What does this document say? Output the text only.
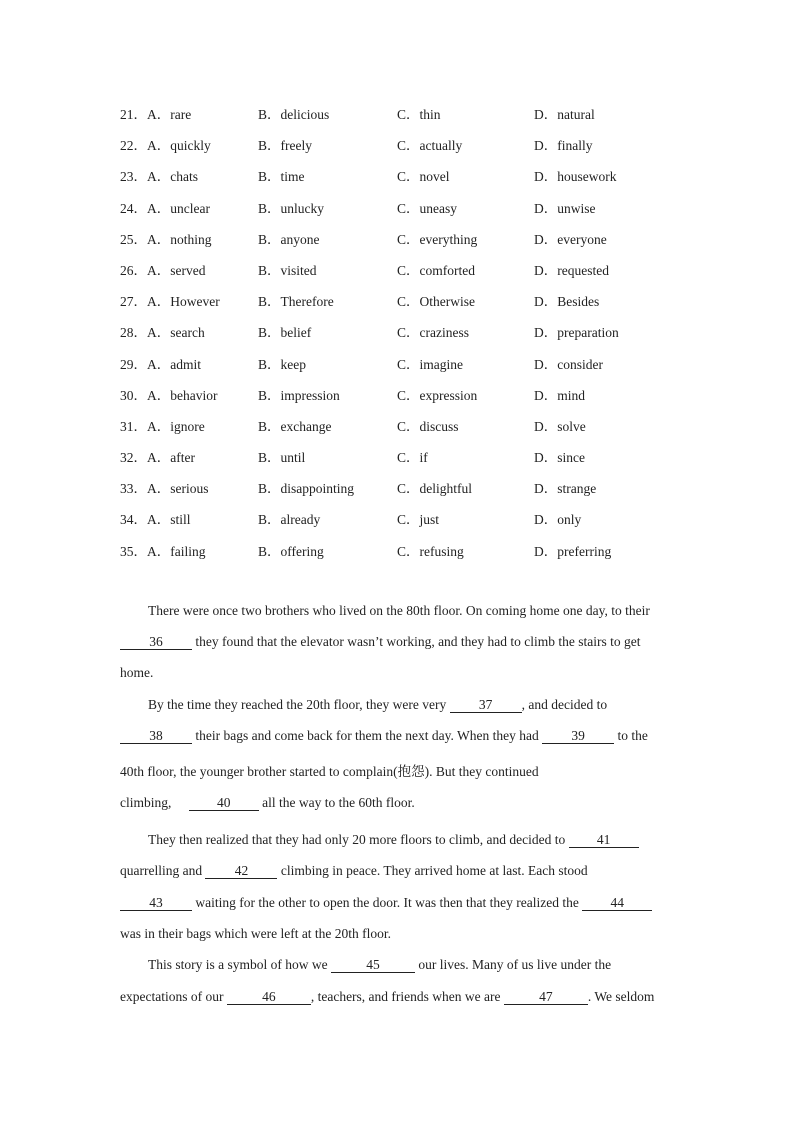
21．A．rare	B．delicious	C．thin	D．natural
22．A．quickly	B．freely	C．actually	D．finally
23．A．chats	B．time	C．novel	D．housework
24．A．unclear	B．unlucky	C．uneasy	D．unwise
25．A．nothing	B．anyone	C．everything	D．everyone
26．A．served	B．visited	C．comforted	D．requested
27．A．However	B．Therefore	C．Otherwise	D．Besides
28．A．search	B．belief	C．craziness	D．preparation
29．A．admit	B．keep	C．imagine	D．consider
30．A．behavior	B．impression	C．expression	D．mind
31．A．ignore	B．exchange	C．discuss	D．solve
32．A．after	B．until	C．if	D．since
33．A．serious	B．disappointing	C．delightful	D．strange
34．A．still	B．already	C．just	D．only
35．A．failing	B．offering	C．refusing	D．preferring
There were once two brothers who lived on the 80th floor. On coming home one day, to their
36 they found that the elevator wasn’t working, and they had to climb the stairs to get
home.
By the time they reached the 20th floor, they were very 37 , and decided to
38 their bags and come back for them the next day. When they had 39 to the
40th floor, the younger brother started to complain(抱怨). But they continued
climbing,	40 all the way to the 60th floor.
They then realized that they had only 20 more floors to climb, and decided to 41
quarrelling and 42 climbing in peace. They arrived home at last. Each stood
43 waiting for the other to open the door. It was then that they realized the 44
was in their bags which were left at the 20th floor.
This story is a symbol of how we	45	our lives. Many of us live under the
expectations of our	46	, teachers, and friends when we are	47	. We seldom
